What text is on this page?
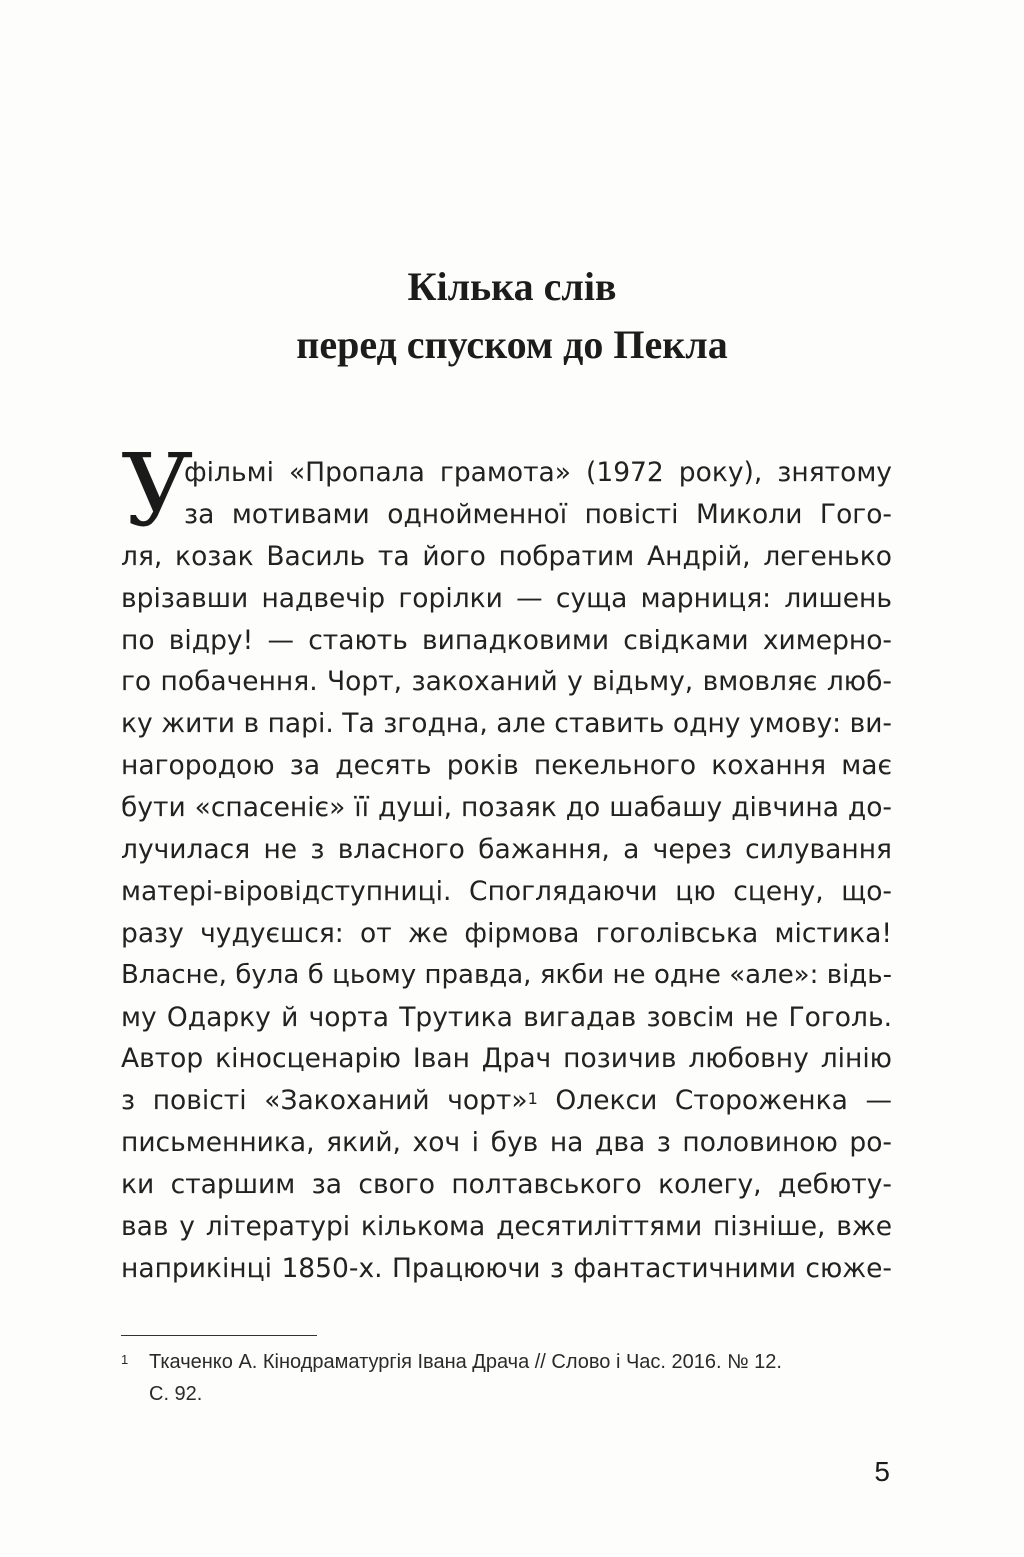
Кілька слів
перед спуском до Пекла
У
фільмі «Пропала грамота» (1972 року), знятому
за мотивами однойменної повісті Миколи Гого-
ля, козак Василь та його побратим Андрій, легенько
врізавши надвечір горілки — суща марниця: лишень
по відру! — стають випадковими свідками химерно-
го побачення. Чорт, закоханий у відьму, вмовляє люб-
ку жити в парі. Та згодна, але ставить одну умову: ви-
нагородою за десять років пекельного кохання має
бути «спасеніє» її душі, позаяк до шабашу дівчина до-
лучилася не з власного бажання, а через силування
матері-віровідступниці. Споглядаючи цю сцену, що-
разу чудуєшся: от же фірмова гоголівська містика!
Власне, була б цьому правда, якби не одне «але»: відь-
му Одарку й чорта Трутика вигадав зовсім не Гоголь.
Автор кіносценарію Іван Драч позичив любовну лінію
з повісті «Закоханий чорт»$^1$ Олекси Стороженка —
письменника, який, хоч і був на два з половиною ро-
ки старшим за свого полтавського колегу, дебюту-
вав у літературі кількома десятиліттями пізніше, вже
наприкінці 1850-х. Працюючи з фантастичними сюже-
1 Ткаченко А. Кінодраматургія Івана Драча // Слово і Час. 2016. № 12.
С. 92.
5
